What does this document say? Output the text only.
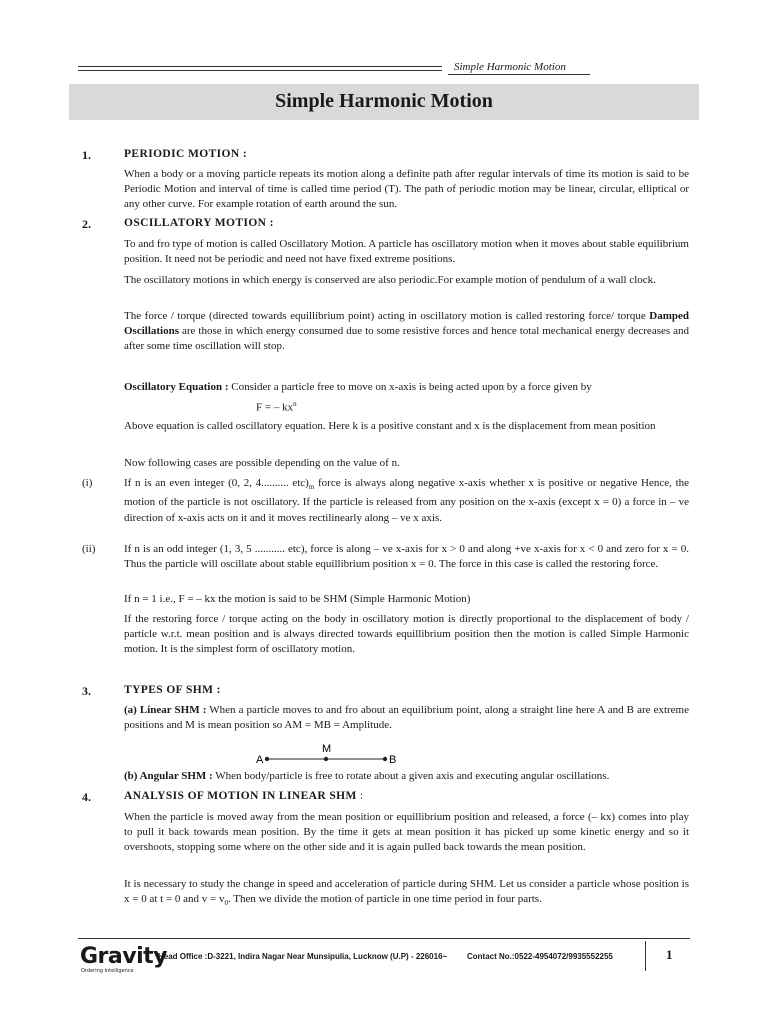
Simple Harmonic Motion
Simple Harmonic Motion
1.	PERIODIC MOTION :
When a body or a moving particle repeats its motion along a definite path after regular intervals of time its motion is said to be Periodic Motion and interval of time is called time period (T). The path of periodic motion may be linear, circular, elliptical or any other curve. For example rotation of earth around the sun.
2.	OSCILLATORY MOTION :
To and fro type of motion is called Oscillatory Motion. A particle has oscillatory motion when it moves about stable equilibrium position. It need not be periodic and need not have fixed extreme positions.
The oscillatory motions in which energy is conserved are also periodic.For example motion of pendulum of a wall clock.
The force / torque (directed towards equillibrium point) acting in oscillatory motion is called restoring force/ torque Damped Oscillations are those in which energy consumed due to some resistive forces and hence total mechanical energy decreases and after some time oscillation will stop.
Oscillatory Equation : Consider a particle free to move on x-axis is being acted upon by a force given by
F = – $kx^n$
Above equation is called oscillatory equation. Here k is a positive constant and x is the displacement from mean position
Now following cases are possible depending on the value of n.
(i)	If n is an even integer (0, 2, 4.......... $etc)_m$ force is always along negative x-axis whether x is positive or negative Hence, the motion of the particle is not oscillatory. If the particle is released from any position on the x-axis (except x = 0) a force in – ve direction of x-axis acts on it and it moves rectilinearly along – ve x axis.
(ii)	If n is an odd integer (1, 3, 5 ........... etc), force is along – ve x-axis for x > 0 and along +ve x-axis for x < 0 and zero for x = 0. Thus the particle will oscillate about stable equillibrium position x = 0. The force in this case is called the restoring force.
If n = 1 i.e., F = – kx the motion is said to be SHM (Simple Harmonic Motion)
If the restoring force / torque acting on the body in oscillatory motion is directly proportional to the displacement of body / particle w.r.t. mean position and is always directed towards equillibrium position then the motion is called Simple Harmonic motion. It is the simplest form of oscillatory motion.
3.	TYPES OF SHM :
(a) Linear SHM : When a particle moves to and fro about an equilibrium point, along a straight line here A and B are extreme positions and M is mean position so AM = MB = Amplitude.
A
M
B
(b) Angular SHM : When body/particle is free to rotate about a given axis and executing angular oscillations.
4.	ANALYSIS OF MOTION IN LINEAR SHM :
When the particle is moved away from the mean position or equillibrium position and released, a force (– kx) comes into play to pull it back towards mean position. By the time it gets at mean position it has picked up some kinetic energy and so it overshoots, stopping some where on the other side and it is again pulled back towards the mean position.
It is necessary to study the change in speed and acceleration of particle during SHM. Let us consider a particle whose position is x = 0 at t = 0 and $v = v_0$. Then we divide the motion of particle in one time period in four parts.
Gravity
Ordering Intelligence
Head Office :D-3221, Indira Nagar Near Munsipulia, Lucknow (U.P) - 226016~ Contact No.:0522-4954072/9935552255	1
